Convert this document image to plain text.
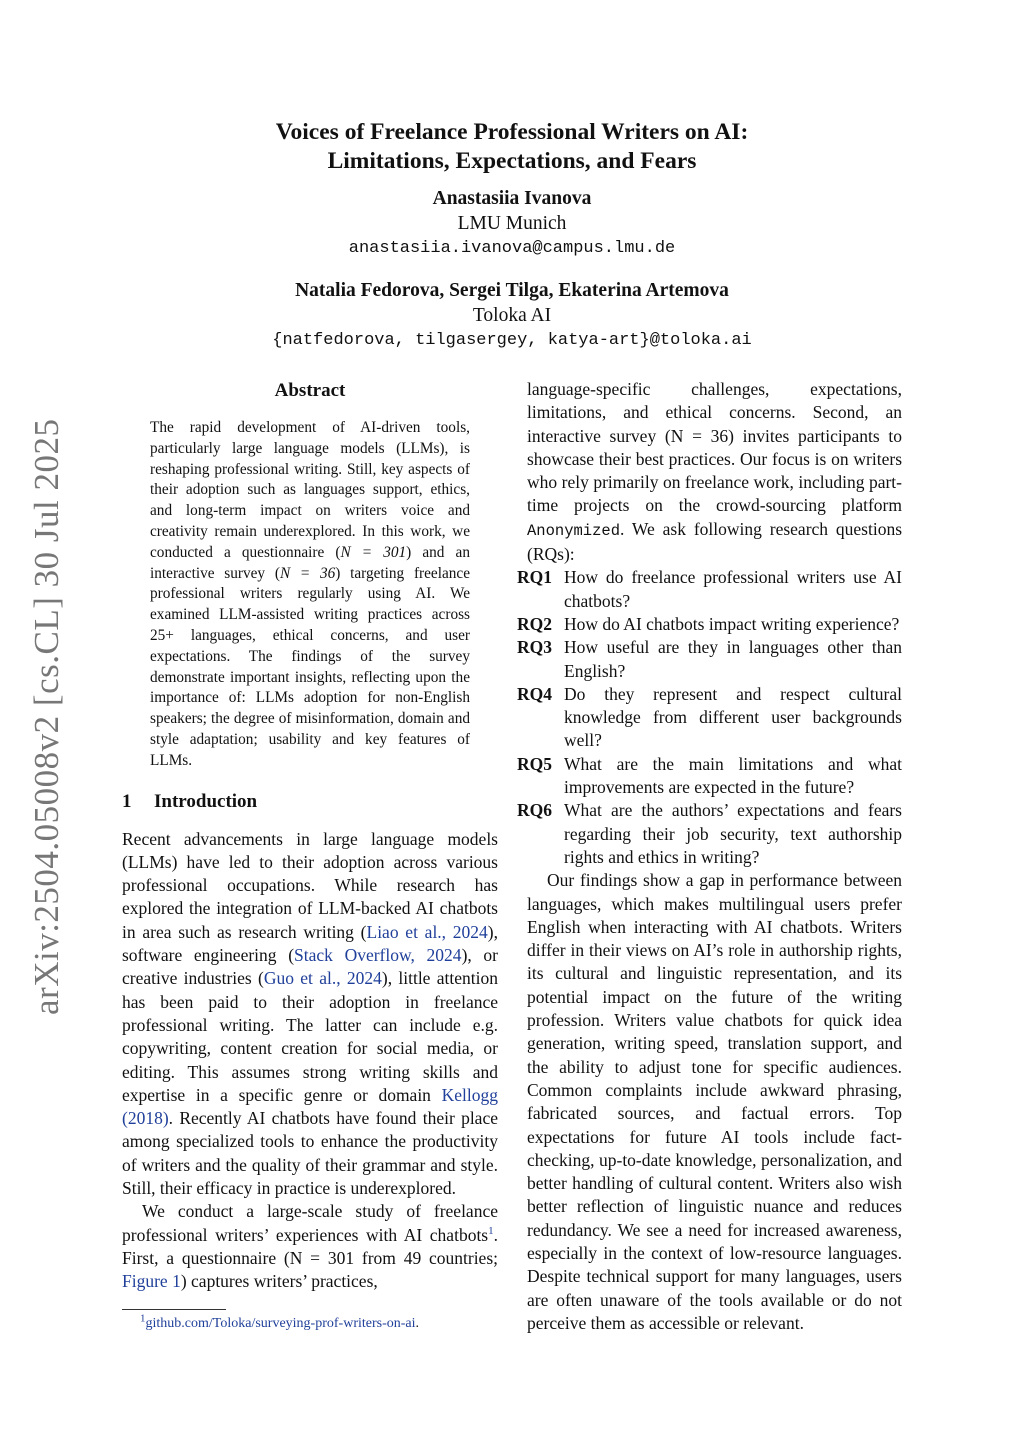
arXiv:2504.05008v2 [cs.CL] 30 Jul 2025
Voices of Freelance Professional Writers on AI:
Limitations, Expectations, and Fears
Anastasiia Ivanova
LMU Munich
anastasiia.ivanova@campus.lmu.de
Natalia Fedorova, Sergei Tilga, Ekaterina Artemova
Toloka AI
{natfedorova, tilgasergey, katya-art}@toloka.ai
Abstract
The rapid development of AI-driven tools, particularly large language models (LLMs), is reshaping professional writing. Still, key aspects of their adoption such as languages support, ethics, and long-term impact on writers voice and creativity remain underexplored. In this work, we conducted a questionnaire (N = 301) and an interactive survey (N = 36) targeting freelance professional writers regularly using AI. We examined LLM-assisted writing practices across 25+ languages, ethical concerns, and user expectations. The findings of the survey demonstrate important insights, reflecting upon the importance of: LLMs adoption for non-English speakers; the degree of misinformation, domain and style adaptation; usability and key features of LLMs.
1 Introduction

Recent advancements in large language models (LLMs) have led to their adoption across various professional occupations. While research has explored the integration of LLM-backed AI chatbots in area such as research writing (Liao et al., 2024), software engineering (Stack Overflow, 2024), or creative industries (Guo et al., 2024), little attention has been paid to their adoption in freelance professional writing. The latter can include e.g. copywriting, content creation for social media, or editing. This assumes strong writing skills and expertise in a specific genre or domain Kellogg (2018). Recently AI chatbots have found their place among specialized tools to enhance the productivity of writers and the quality of their grammar and style. Still, their efficacy in practice is underexplored.

We conduct a large-scale study of freelance professional writers’ experiences with AI chatbots$^1$. First, a questionnaire (N = 301 from 49 countries; Figure 1) captures writers’ practices,

language-specific challenges, expectations, limitations, and ethical concerns. Second, an interactive survey (N = 36) invites participants to showcase their best practices. Our focus is on writers who rely primarily on freelance work, including part-time projects on the crowd-sourcing platform Anonymized. We ask following research questions (RQs):

RQ1 How do freelance professional writers use AI chatbots?
RQ2 How do AI chatbots impact writing experience?
RQ3 How useful are they in languages other than English?
RQ4 Do they represent and respect cultural knowledge from different user backgrounds well?
RQ5 What are the main limitations and what improvements are expected in the future?
RQ6 What are the authors’ expectations and fears regarding their job security, text authorship rights and ethics in writing?

Our findings show a gap in performance between languages, which makes multilingual users prefer English when interacting with AI chatbots. Writers differ in their views on AI’s role in authorship rights, its cultural and linguistic representation, and its potential impact on the future of the writing profession. Writers value chatbots for quick idea generation, writing speed, translation support, and the ability to adjust tone for specific audiences. Common complaints include awkward phrasing, fabricated sources, and factual errors. Top expectations for future AI tools include fact-checking, up-to-date knowledge, personalization, and better handling of cultural content. Writers also wish better reflection of linguistic nuance and reduces redundancy. We see a need for increased awareness, especially in the context of low-resource languages. Despite technical support for many languages, users are often unaware of the tools available or do not perceive them as accessible or relevant.

$^1$github.com/Toloka/surveying-prof-writers-on-ai.
